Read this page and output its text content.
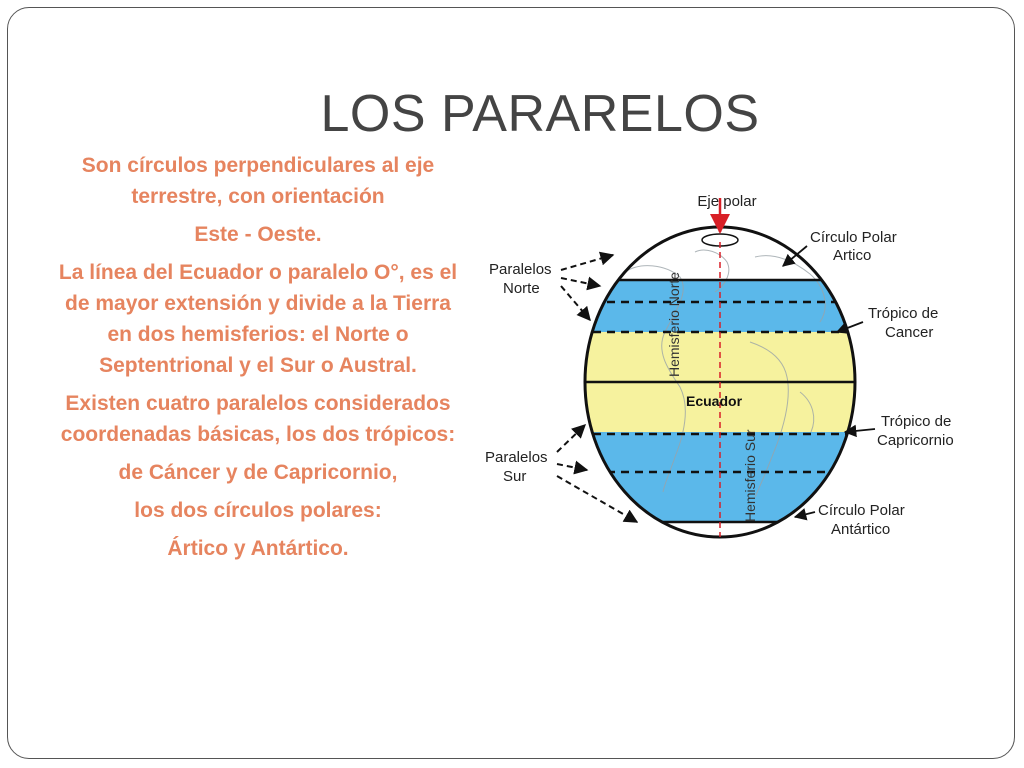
LOS PARARELOS

Son círculos perpendiculares al eje terrestre, con orientación

Este - Oeste.

La línea del Ecuador o paralelo O°, es el de mayor extensión y divide a la Tierra en dos hemisferios: el Norte o Septentrional y el Sur o Austral.

Existen cuatro paralelos considerados coordenadas básicas, los dos trópicos:

de Cáncer y de Capricornio,

los dos círculos polares:

Ártico y Antártico.

Hemisferio Norte
Hemisferio Sur
Ecuador
Eje polar
Círculo Polar
Artico
Trópico de
Cancer
Trópico de
Capricornio
Círculo Polar
Antártico
Paralelos
Norte
Paralelos
Sur
